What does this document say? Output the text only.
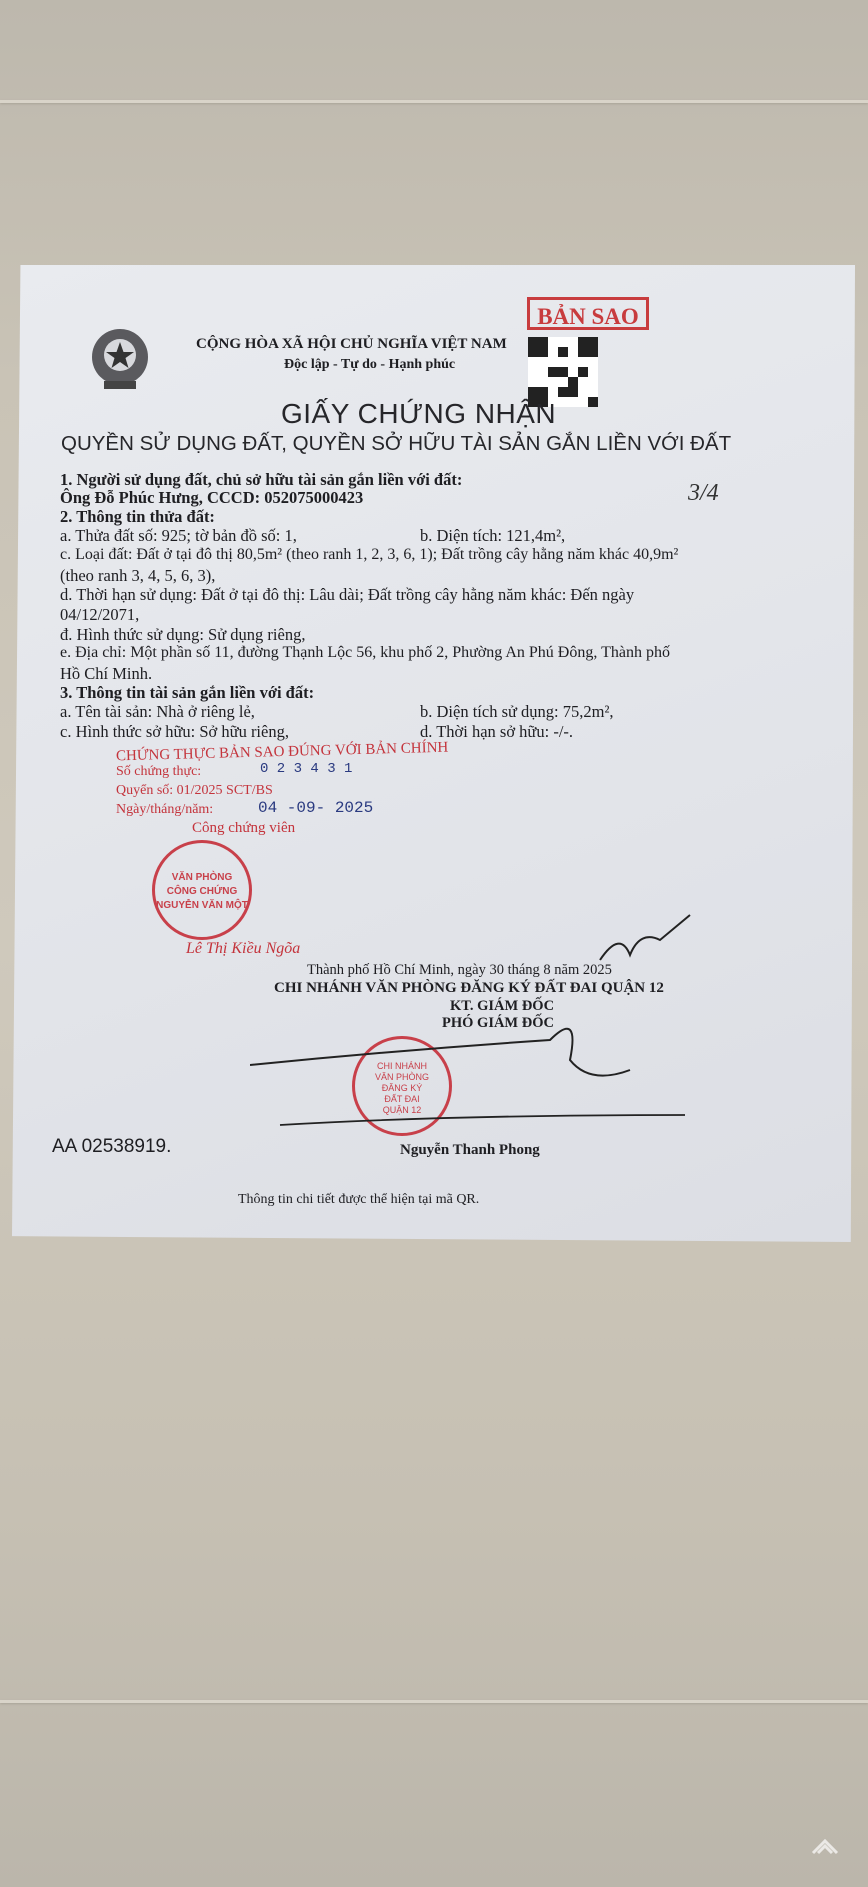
CỘNG HÒA XÃ HỘI CHỦ NGHĨA VIỆT NAM
Độc lập - Tự do - Hạnh phúc
BẢN SAO
GIẤY CHỨNG NHẬN
QUYỀN SỬ DỤNG ĐẤT, QUYỀN SỞ HỮU TÀI SẢN GẮN LIỀN VỚI ĐẤT
3/4
1. Người sử dụng đất, chủ sở hữu tài sản gắn liền với đất:
Ông Đỗ Phúc Hưng, CCCD: 052075000423
2. Thông tin thửa đất:
a. Thửa đất số: 925; tờ bản đồ số: 1,	b. Diện tích: 121,4m²,
c. Loại đất: Đất ở tại đô thị 80,5m² (theo ranh 1, 2, 3, 6, 1); Đất trồng cây hằng năm khác 40,9m²
(theo ranh 3, 4, 5, 6, 3),
d. Thời hạn sử dụng: Đất ở tại đô thị: Lâu dài; Đất trồng cây hằng năm khác: Đến ngày
04/12/2071,
đ. Hình thức sử dụng: Sử dụng riêng,
e. Địa chỉ: Một phần số 11, đường Thạnh Lộc 56, khu phố 2, Phường An Phú Đông, Thành phố
Hồ Chí Minh.
3. Thông tin tài sản gắn liền với đất:
a. Tên tài sản: Nhà ở riêng lẻ,	b. Diện tích sử dụng: 75,2m²,
c. Hình thức sở hữu: Sở hữu riêng,	d. Thời hạn sở hữu: -/-.
CHỨNG THỰC BẢN SAO ĐÚNG VỚI BẢN CHÍNH
Số chứng thực:	0 2 3 4 3 1
Quyển số: 01/2025 SCT/BS
Ngày/tháng/năm:	04 -09- 2025
Công chứng viên
VĂN PHÒNG
CÔNG CHỨNG
NGUYỄN VĂN MỘT
Lê Thị Kiều Ngõa
Thành phố Hồ Chí Minh, ngày 30 tháng 8 năm 2025
CHI NHÁNH VĂN PHÒNG ĐĂNG KÝ ĐẤT ĐAI QUẬN 12
KT. GIÁM ĐỐC
PHÓ GIÁM ĐỐC
CHI NHÁNH
VĂN PHÒNG
ĐĂNG KÝ
ĐẤT ĐAI
QUẬN 12
AA 02538919.	Nguyễn Thanh Phong
Thông tin chi tiết được thể hiện tại mã QR.
